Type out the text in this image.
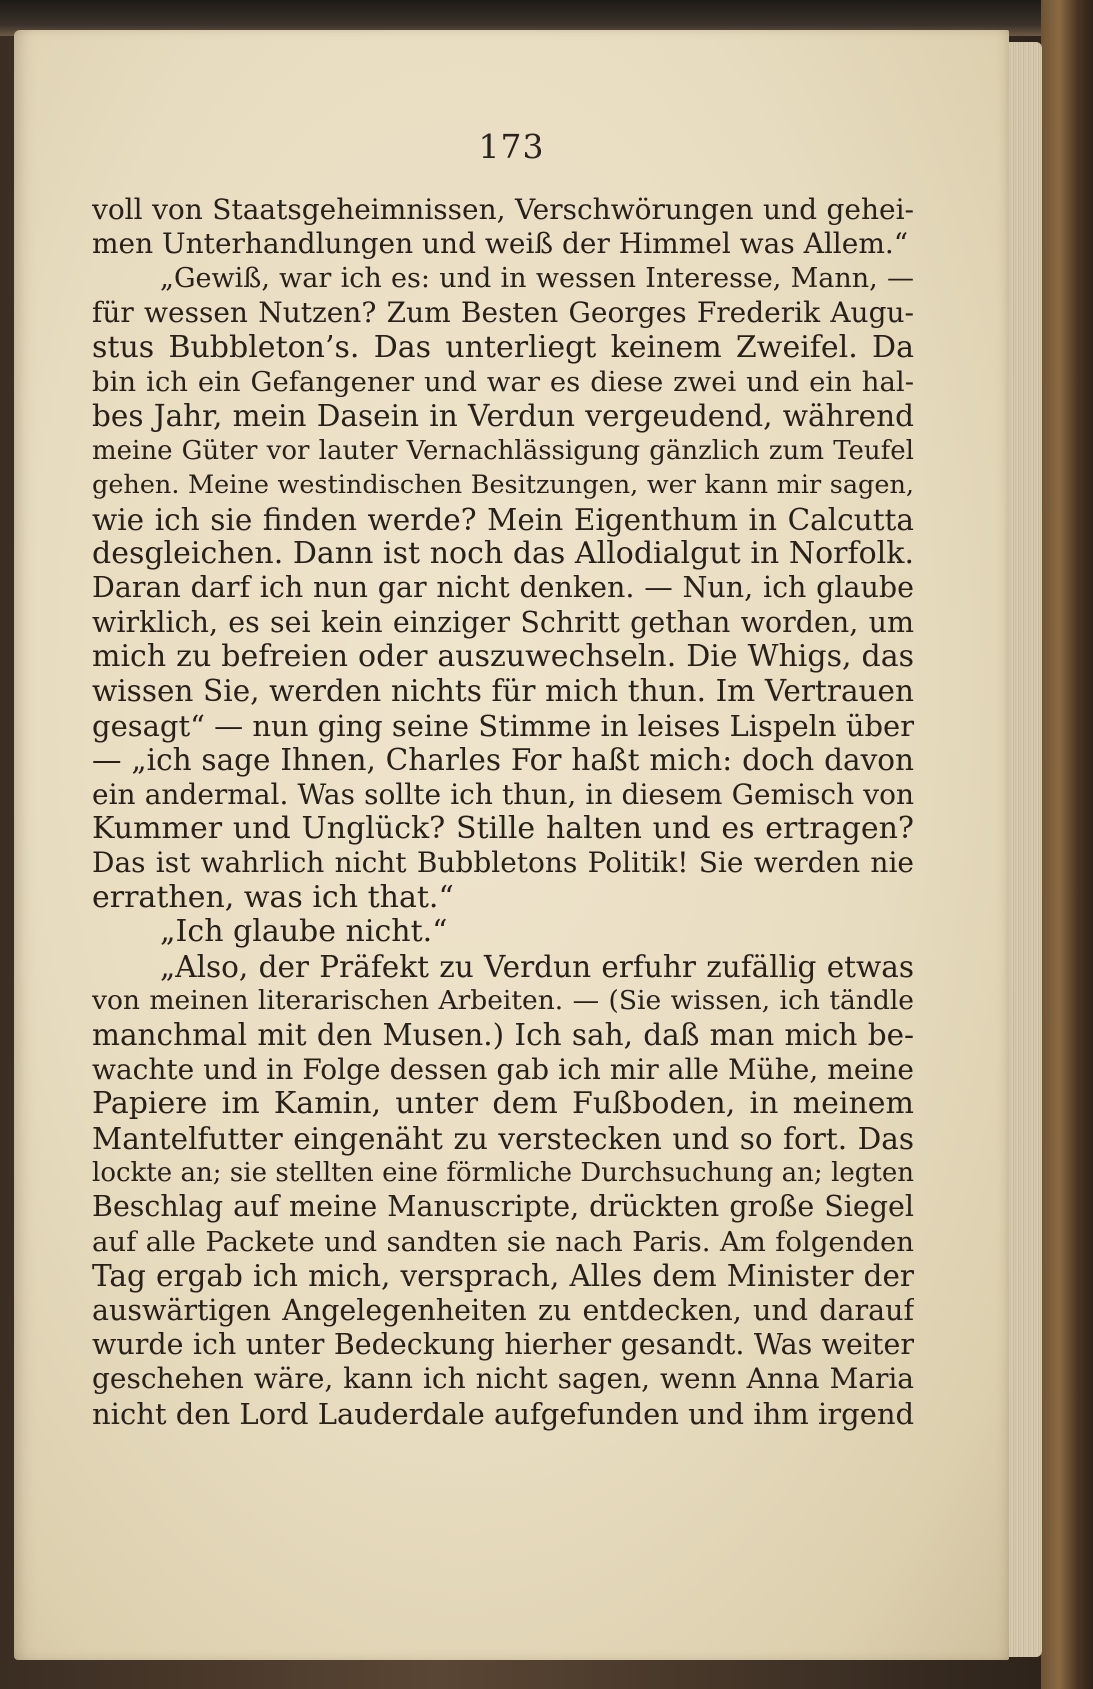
173
voll von Staatsgeheimnissen, Verschwörungen und gehei-
men Unterhandlungen und weiß der Himmel was Allem.“
„Gewiß, war ich es: und in wessen Interesse, Mann, —
für wessen Nutzen? Zum Besten Georges Frederik Augu-
stus Bubbleton’s. Das unterliegt keinem Zweifel. Da
bin ich ein Gefangener und war es diese zwei und ein hal-
bes Jahr, mein Dasein in Verdun vergeudend, während
meine Güter vor lauter Vernachlässigung gänzlich zum Teufel
gehen. Meine westindischen Besitzungen, wer kann mir sagen,
wie ich sie finden werde? Mein Eigenthum in Calcutta
desgleichen. Dann ist noch das Allodialgut in Norfolk.
Daran darf ich nun gar nicht denken. — Nun, ich glaube
wirklich, es sei kein einziger Schritt gethan worden, um
mich zu befreien oder auszuwechseln. Die Whigs, das
wissen Sie, werden nichts für mich thun. Im Vertrauen
gesagt“ — nun ging seine Stimme in leises Lispeln über
— „ich sage Ihnen, Charles For haßt mich: doch davon
ein andermal. Was sollte ich thun, in diesem Gemisch von
Kummer und Unglück? Stille halten und es ertragen?
Das ist wahrlich nicht Bubbletons Politik! Sie werden nie
errathen, was ich that.“
„Ich glaube nicht.“
„Also, der Präfekt zu Verdun erfuhr zufällig etwas
von meinen literarischen Arbeiten. — (Sie wissen, ich tändle
manchmal mit den Musen.) Ich sah, daß man mich be-
wachte und in Folge dessen gab ich mir alle Mühe, meine
Papiere im Kamin, unter dem Fußboden, in meinem
Mantelfutter eingenäht zu verstecken und so fort. Das
lockte an; sie stellten eine förmliche Durchsuchung an; legten
Beschlag auf meine Manuscripte, drückten große Siegel
auf alle Packete und sandten sie nach Paris. Am folgenden
Tag ergab ich mich, versprach, Alles dem Minister der
auswärtigen Angelegenheiten zu entdecken, und darauf
wurde ich unter Bedeckung hierher gesandt. Was weiter
geschehen wäre, kann ich nicht sagen, wenn Anna Maria
nicht den Lord Lauderdale aufgefunden und ihm irgend
